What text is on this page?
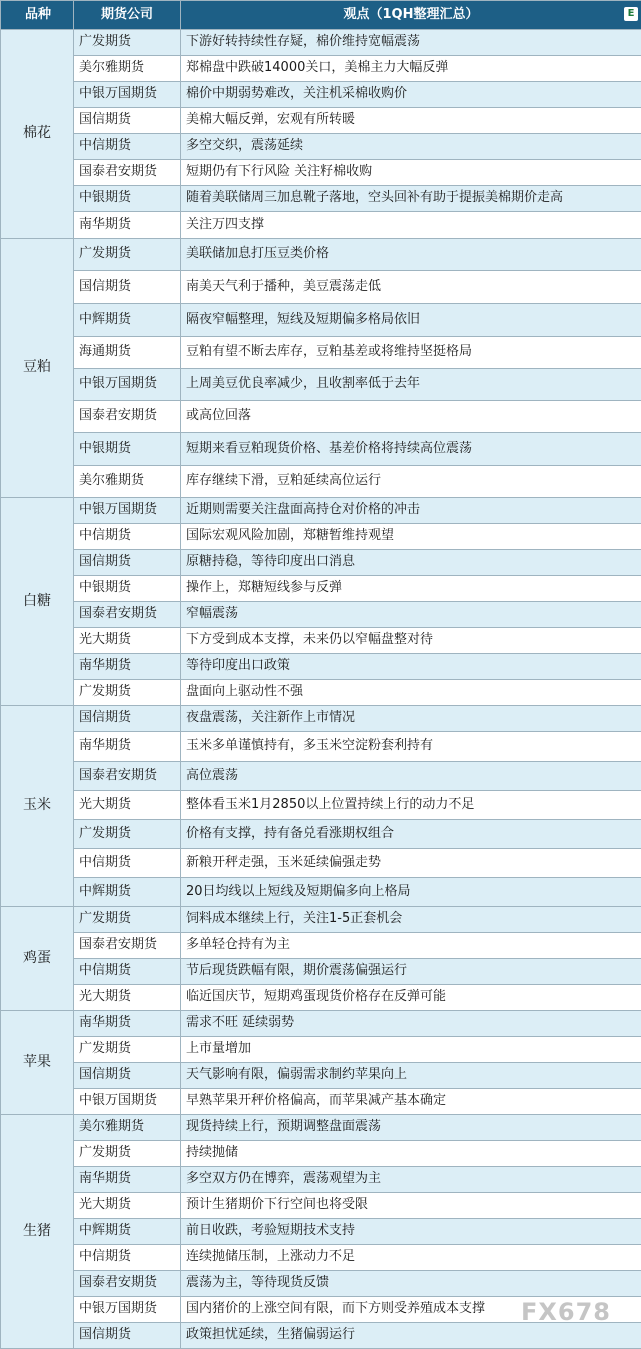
品种	期货公司	观点（1QH整理汇总）
棉花	广发期货	下游好转持续性存疑，棉价维持宽幅震荡
	美尔雅期货	郑棉盘中跌破14000关口，美棉主力大幅反弹
	中银万国期货	棉价中期弱势难改，关注机采棉收购价
	国信期货	美棉大幅反弹，宏观有所转暖
	中信期货	多空交织，震荡延续
	国泰君安期货	短期仍有下行风险 关注籽棉收购
	中银期货	随着美联储周三加息靴子落地，空头回补有助于提振美棉期价走高
	南华期货	关注万四支撑
豆粕	广发期货	美联储加息打压豆类价格
	国信期货	南美天气利于播种，美豆震荡走低
	中辉期货	隔夜窄幅整理，短线及短期偏多格局依旧
	海通期货	豆粕有望不断去库存，豆粕基差或将维持坚挺格局
	中银万国期货	上周美豆优良率减少，且收割率低于去年
	国泰君安期货	或高位回落
	中银期货	短期来看豆粕现货价格、基差价格将持续高位震荡
	美尔雅期货	库存继续下滑，豆粕延续高位运行
白糖	中银万国期货	近期则需要关注盘面高持仓对价格的冲击
	中信期货	国际宏观风险加剧，郑糖暂维持观望
	国信期货	原糖持稳，等待印度出口消息
	中银期货	操作上，郑糖短线参与反弹
	国泰君安期货	窄幅震荡
	光大期货	下方受到成本支撑，未来仍以窄幅盘整对待
	南华期货	等待印度出口政策
	广发期货	盘面向上驱动性不强
玉米	国信期货	夜盘震荡，关注新作上市情况
	南华期货	玉米多单谨慎持有，多玉米空淀粉套利持有
	国泰君安期货	高位震荡
	光大期货	整体看玉米1月2850以上位置持续上行的动力不足
	广发期货	价格有支撑，持有备兑看涨期权组合
	中信期货	新粮开秤走强，玉米延续偏强走势
	中辉期货	20日均线以上短线及短期偏多向上格局
鸡蛋	广发期货	饲料成本继续上行，关注1-5正套机会
	国泰君安期货	多单轻仓持有为主
	中信期货	节后现货跌幅有限，期价震荡偏强运行
	光大期货	临近国庆节，短期鸡蛋现货价格存在反弹可能
苹果	南华期货	需求不旺 延续弱势
	广发期货	上市量增加
	国信期货	天气影响有限，偏弱需求制约苹果向上
	中银万国期货	早熟苹果开秤价格偏高，而苹果减产基本确定
生猪	美尔雅期货	现货持续上行，预期调整盘面震荡
	广发期货	持续抛储
	南华期货	多空双方仍在博弈，震荡观望为主
	光大期货	预计生猪期价下行空间也将受限
	中辉期货	前日收跌，考验短期技术支持
	中信期货	连续抛储压制，上涨动力不足
	国泰君安期货	震荡为主，等待现货反馈
	中银万国期货	国内猪价的上涨空间有限，而下方则受养殖成本支撑
	国信期货	政策担忧延续，生猪偏弱运行
E
FX678
